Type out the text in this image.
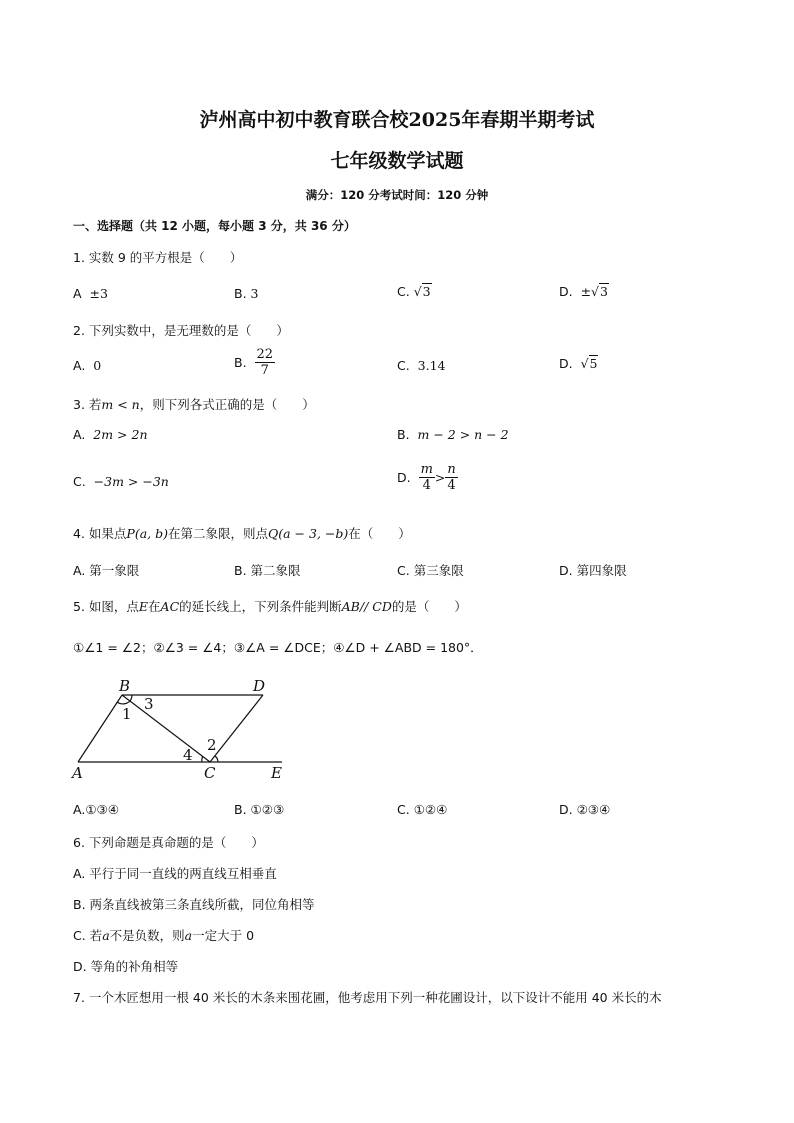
泸州高中初中教育联合校2025年春期半期考试
七年级数学试题
满分：120 分考试时间：120 分钟
一、选择题（共 12 小题，每小题 3 分，共 36 分）
1. 实数 9 的平方根是（　　）
A ±3	B. 3	C. √3	D. ±√3
2. 下列实数中，是无理数的是（　　）
A. 0	B. $\frac{22}{7}$	C. 3.14	D. √5
3. 若m < n，则下列各式正确的是（　　）
A. 2m > 2n	B. m − 2 > n − 2
C. −3m > −3n	D. $\frac{m}{4} > \frac{n}{4}$
4. 如果点P(a, b)在第二象限，则点Q(a − 3, −b)在（　　）
A. 第一象限	B. 第二象限	C. 第三象限	D. 第四象限
5. 如图，点E在AC的延长线上，下列条件能判断AB// CD的是（　　）
①∠1 = ∠2；②∠3 = ∠4；③∠A = ∠DCE；④∠D + ∠ABD = 180°．
B	D
A	C	E
1
3
2
4
A.①③④	B. ①②③	C. ①②④	D. ②③④
6. 下列命题是真命题的是（　　）
A. 平行于同一直线的两直线互相垂直
B. 两条直线被第三条直线所截，同位角相等
C. 若a不是负数，则a一定大于 0
D. 等角的补角相等
7. 一个木匠想用一根 40 米长的木条来围花圃，他考虑用下列一种花圃设计，以下设计不能用 40 米长的木
